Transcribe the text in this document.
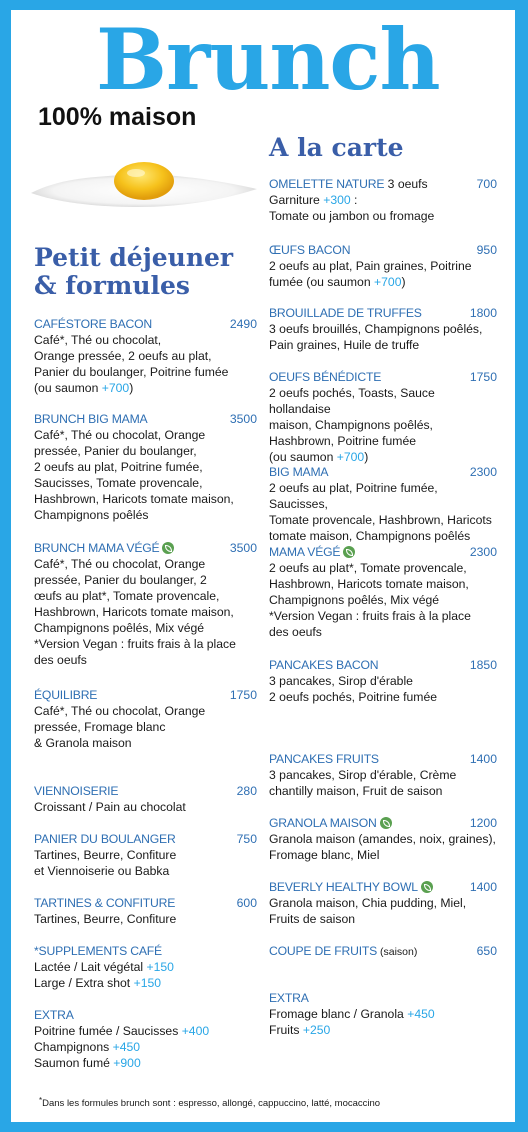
Brunch
100% maison
Petit déjeuner
& formules
A la carte
CAFÉSTORE BACON	2490
Café*, Thé ou chocolat,
Orange pressée, 2 oeufs au plat,
Panier du boulanger, Poitrine fumée
(ou saumon +700)
BRUNCH BIG MAMA	3500
Café*, Thé ou chocolat, Orange
pressée, Panier du boulanger,
2 oeufs au plat, Poitrine fumée,
Saucisses, Tomate provencale,
Hashbrown, Haricots tomate maison,
Champignons poêlés
BRUNCH MAMA VÉGÉ	3500
Café*, Thé ou chocolat, Orange
pressée, Panier du boulanger, 2
œufs au plat*, Tomate provencale,
Hashbrown, Haricots tomate maison,
Champignons poêlés, Mix végé
*Version Vegan : fruits frais à la place
des oeufs
ÉQUILIBRE	1750
Café*, Thé ou chocolat, Orange
pressée, Fromage blanc
& Granola maison
VIENNOISERIE	280
Croissant / Pain au chocolat
PANIER DU BOULANGER	750
Tartines, Beurre, Confiture
et Viennoiserie ou Babka
TARTINES & CONFITURE	600
Tartines, Beurre, Confiture
*SUPPLEMENTS CAFÉ
Lactée / Lait végétal +150
Large / Extra shot +150
EXTRA
Poitrine fumée / Saucisses +400
Champignons +450
Saumon fumé +900
OMELETTE NATURE 3 oeufs	700
Garniture +300 :
Tomate ou jambon ou fromage
ŒUFS BACON	950
2 oeufs au plat, Pain graines, Poitrine
fumée (ou saumon +700)
BROUILLADE DE TRUFFES	1800
3 oeufs brouillés, Champignons poêlés,
Pain graines, Huile de truffe
OEUFS BÉNÉDICTE	1750
2 oeufs pochés, Toasts, Sauce hollandaise
maison, Champignons poêlés,
Hashbrown, Poitrine fumée
(ou saumon +700)
BIG MAMA	2300
2 oeufs au plat, Poitrine fumée, Saucisses,
Tomate provencale, Hashbrown, Haricots
tomate maison, Champignons poêlés
MAMA VÉGÉ	2300
2 oeufs au plat*, Tomate provencale,
Hashbrown, Haricots tomate maison,
Champignons poêlés, Mix végé
*Version Vegan : fruits frais à la place
des oeufs
PANCAKES BACON	1850
3 pancakes, Sirop d'érable
2 oeufs pochés, Poitrine fumée
PANCAKES FRUITS	1400
3 pancakes, Sirop d'érable, Crème
chantilly maison, Fruit de saison
GRANOLA MAISON	1200
Granola maison (amandes, noix, graines),
Fromage blanc, Miel
BEVERLY HEALTHY BOWL	1400
Granola maison, Chia pudding, Miel,
Fruits de saison
COUPE DE FRUITS (saison)	650
EXTRA
Fromage blanc / Granola +450
Fruits +250
*Dans les formules brunch sont : espresso, allongé, cappuccino, latté, mocaccino
